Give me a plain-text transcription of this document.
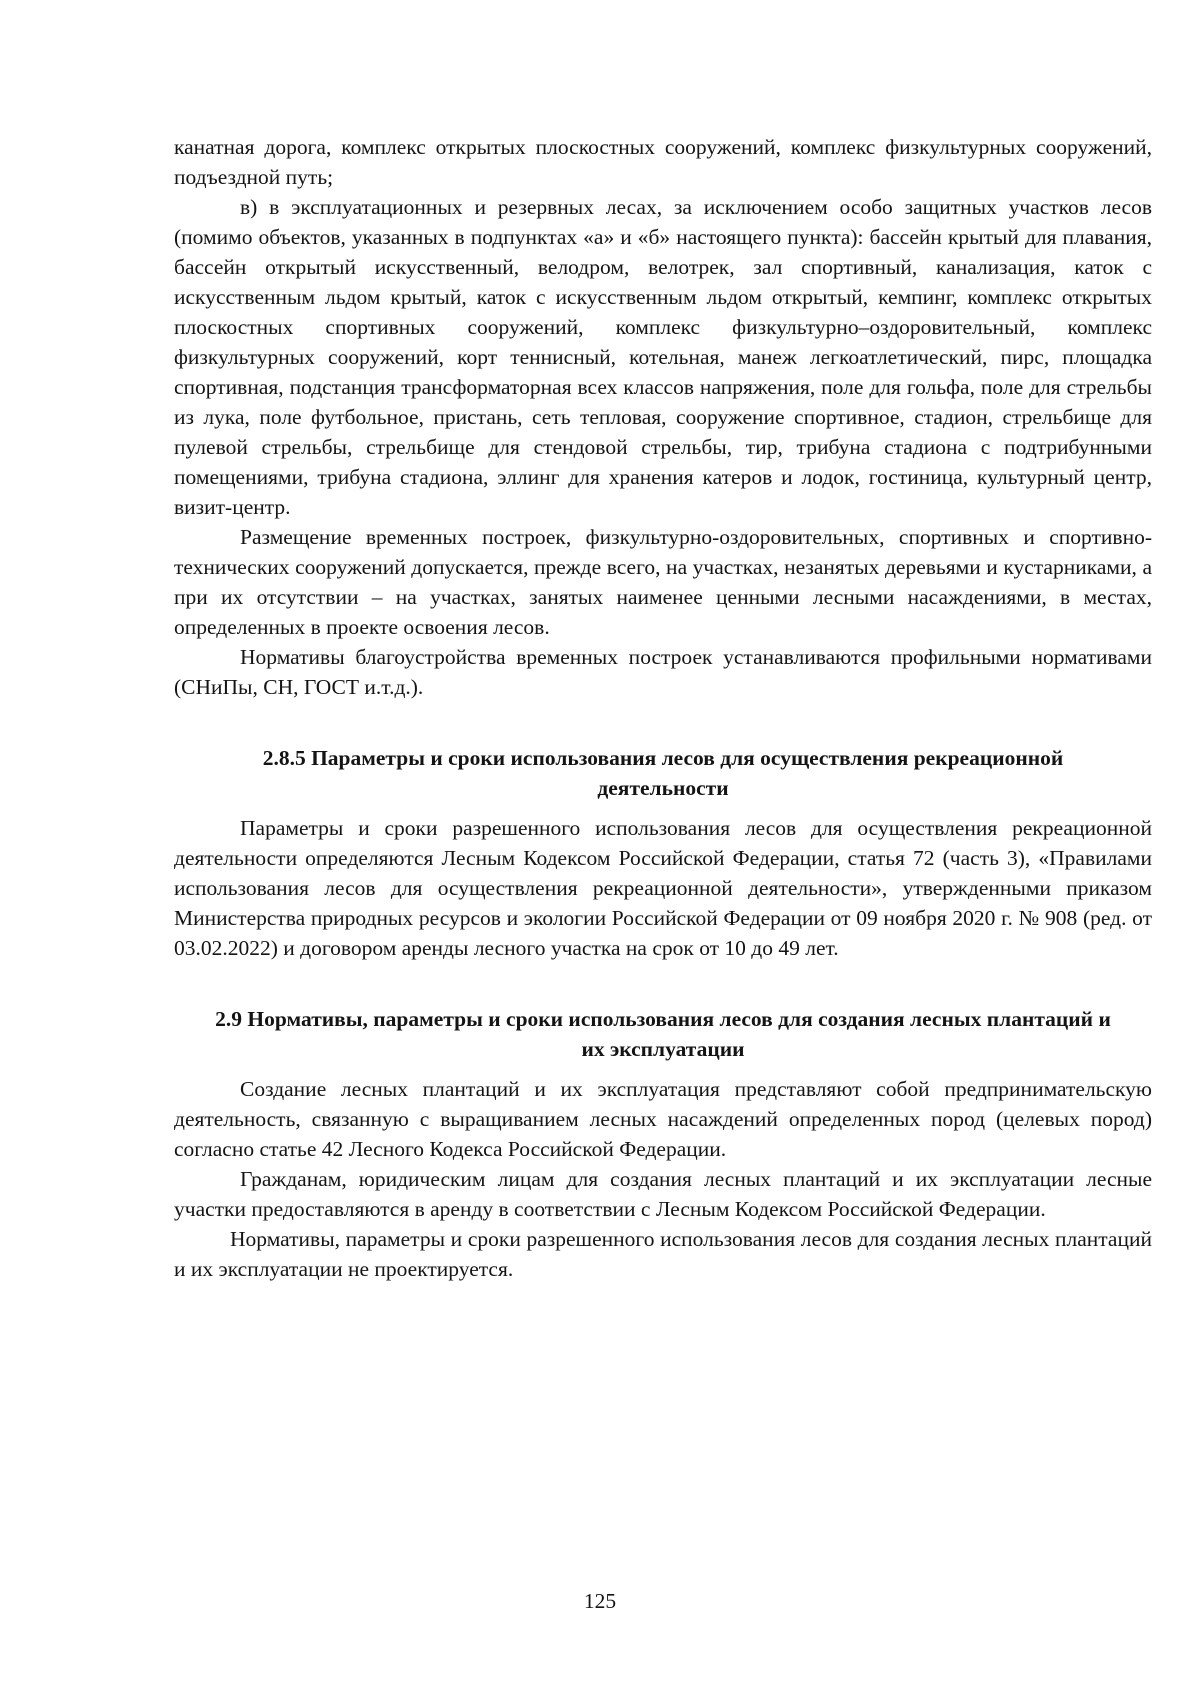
канатная дорога, комплекс открытых плоскостных сооружений, комплекс физкультурных сооружений, подъездной путь;

в) в эксплуатационных и резервных лесах, за исключением особо защитных участков лесов (помимо объектов, указанных в подпунктах «а» и «б» настоящего пункта): бассейн крытый для плавания, бассейн открытый искусственный, велодром, велотрек, зал спортивный, канализация, каток с искусственным льдом крытый, каток с искусственным льдом открытый, кемпинг, комплекс открытых плоскостных спортивных сооружений, комплекс физкультурно–оздоровительный, комплекс физкультурных сооружений, корт теннисный, котельная, манеж легкоатлетический, пирс, площадка спортивная, подстанция трансформаторная всех классов напряжения, поле для гольфа, поле для стрельбы из лука, поле футбольное, пристань, сеть тепловая, сооружение спортивное, стадион, стрельбище для пулевой стрельбы, стрельбище для стендовой стрельбы, тир, трибуна стадиона с подтрибунными помещениями, трибуна стадиона, эллинг для хранения катеров и лодок, гостиница, культурный центр, визит-центр.

Размещение временных построек, физкультурно-оздоровительных, спортивных и спортивно-технических сооружений допускается, прежде всего, на участках, незанятых деревьями и кустарниками, а при их отсутствии – на участках, занятых наименее ценными лесными насаждениями, в местах, определенных в проекте освоения лесов.

Нормативы благоустройства временных построек устанавливаются профильными нормативами (СНиПы, СН, ГОСТ и.т.д.).

2.8.5 Параметры и сроки использования лесов для осуществления рекреационной деятельности

Параметры и сроки разрешенного использования лесов для осуществления рекреационной деятельности определяются Лесным Кодексом Российской Федерации, статья 72 (часть 3), «Правилами использования лесов для осуществления рекреационной деятельности», утвержденными приказом Министерства природных ресурсов и экологии Российской Федерации от 09 ноября 2020 г. № 908 (ред. от 03.02.2022) и договором аренды лесного участка на срок от 10 до 49 лет.

2.9 Нормативы, параметры и сроки использования лесов для создания лесных плантаций и их эксплуатации

Создание лесных плантаций и их эксплуатация представляют собой предпринимательскую деятельность, связанную с выращиванием лесных насаждений определенных пород (целевых пород) согласно статье 42 Лесного Кодекса Российской Федерации.

Гражданам, юридическим лицам для создания лесных плантаций и их эксплуатации лесные участки предоставляются в аренду в соответствии с Лесным Кодексом Российской Федерации.

Нормативы, параметры и сроки разрешенного использования лесов для создания лесных плантаций и их эксплуатации не проектируется.

125
